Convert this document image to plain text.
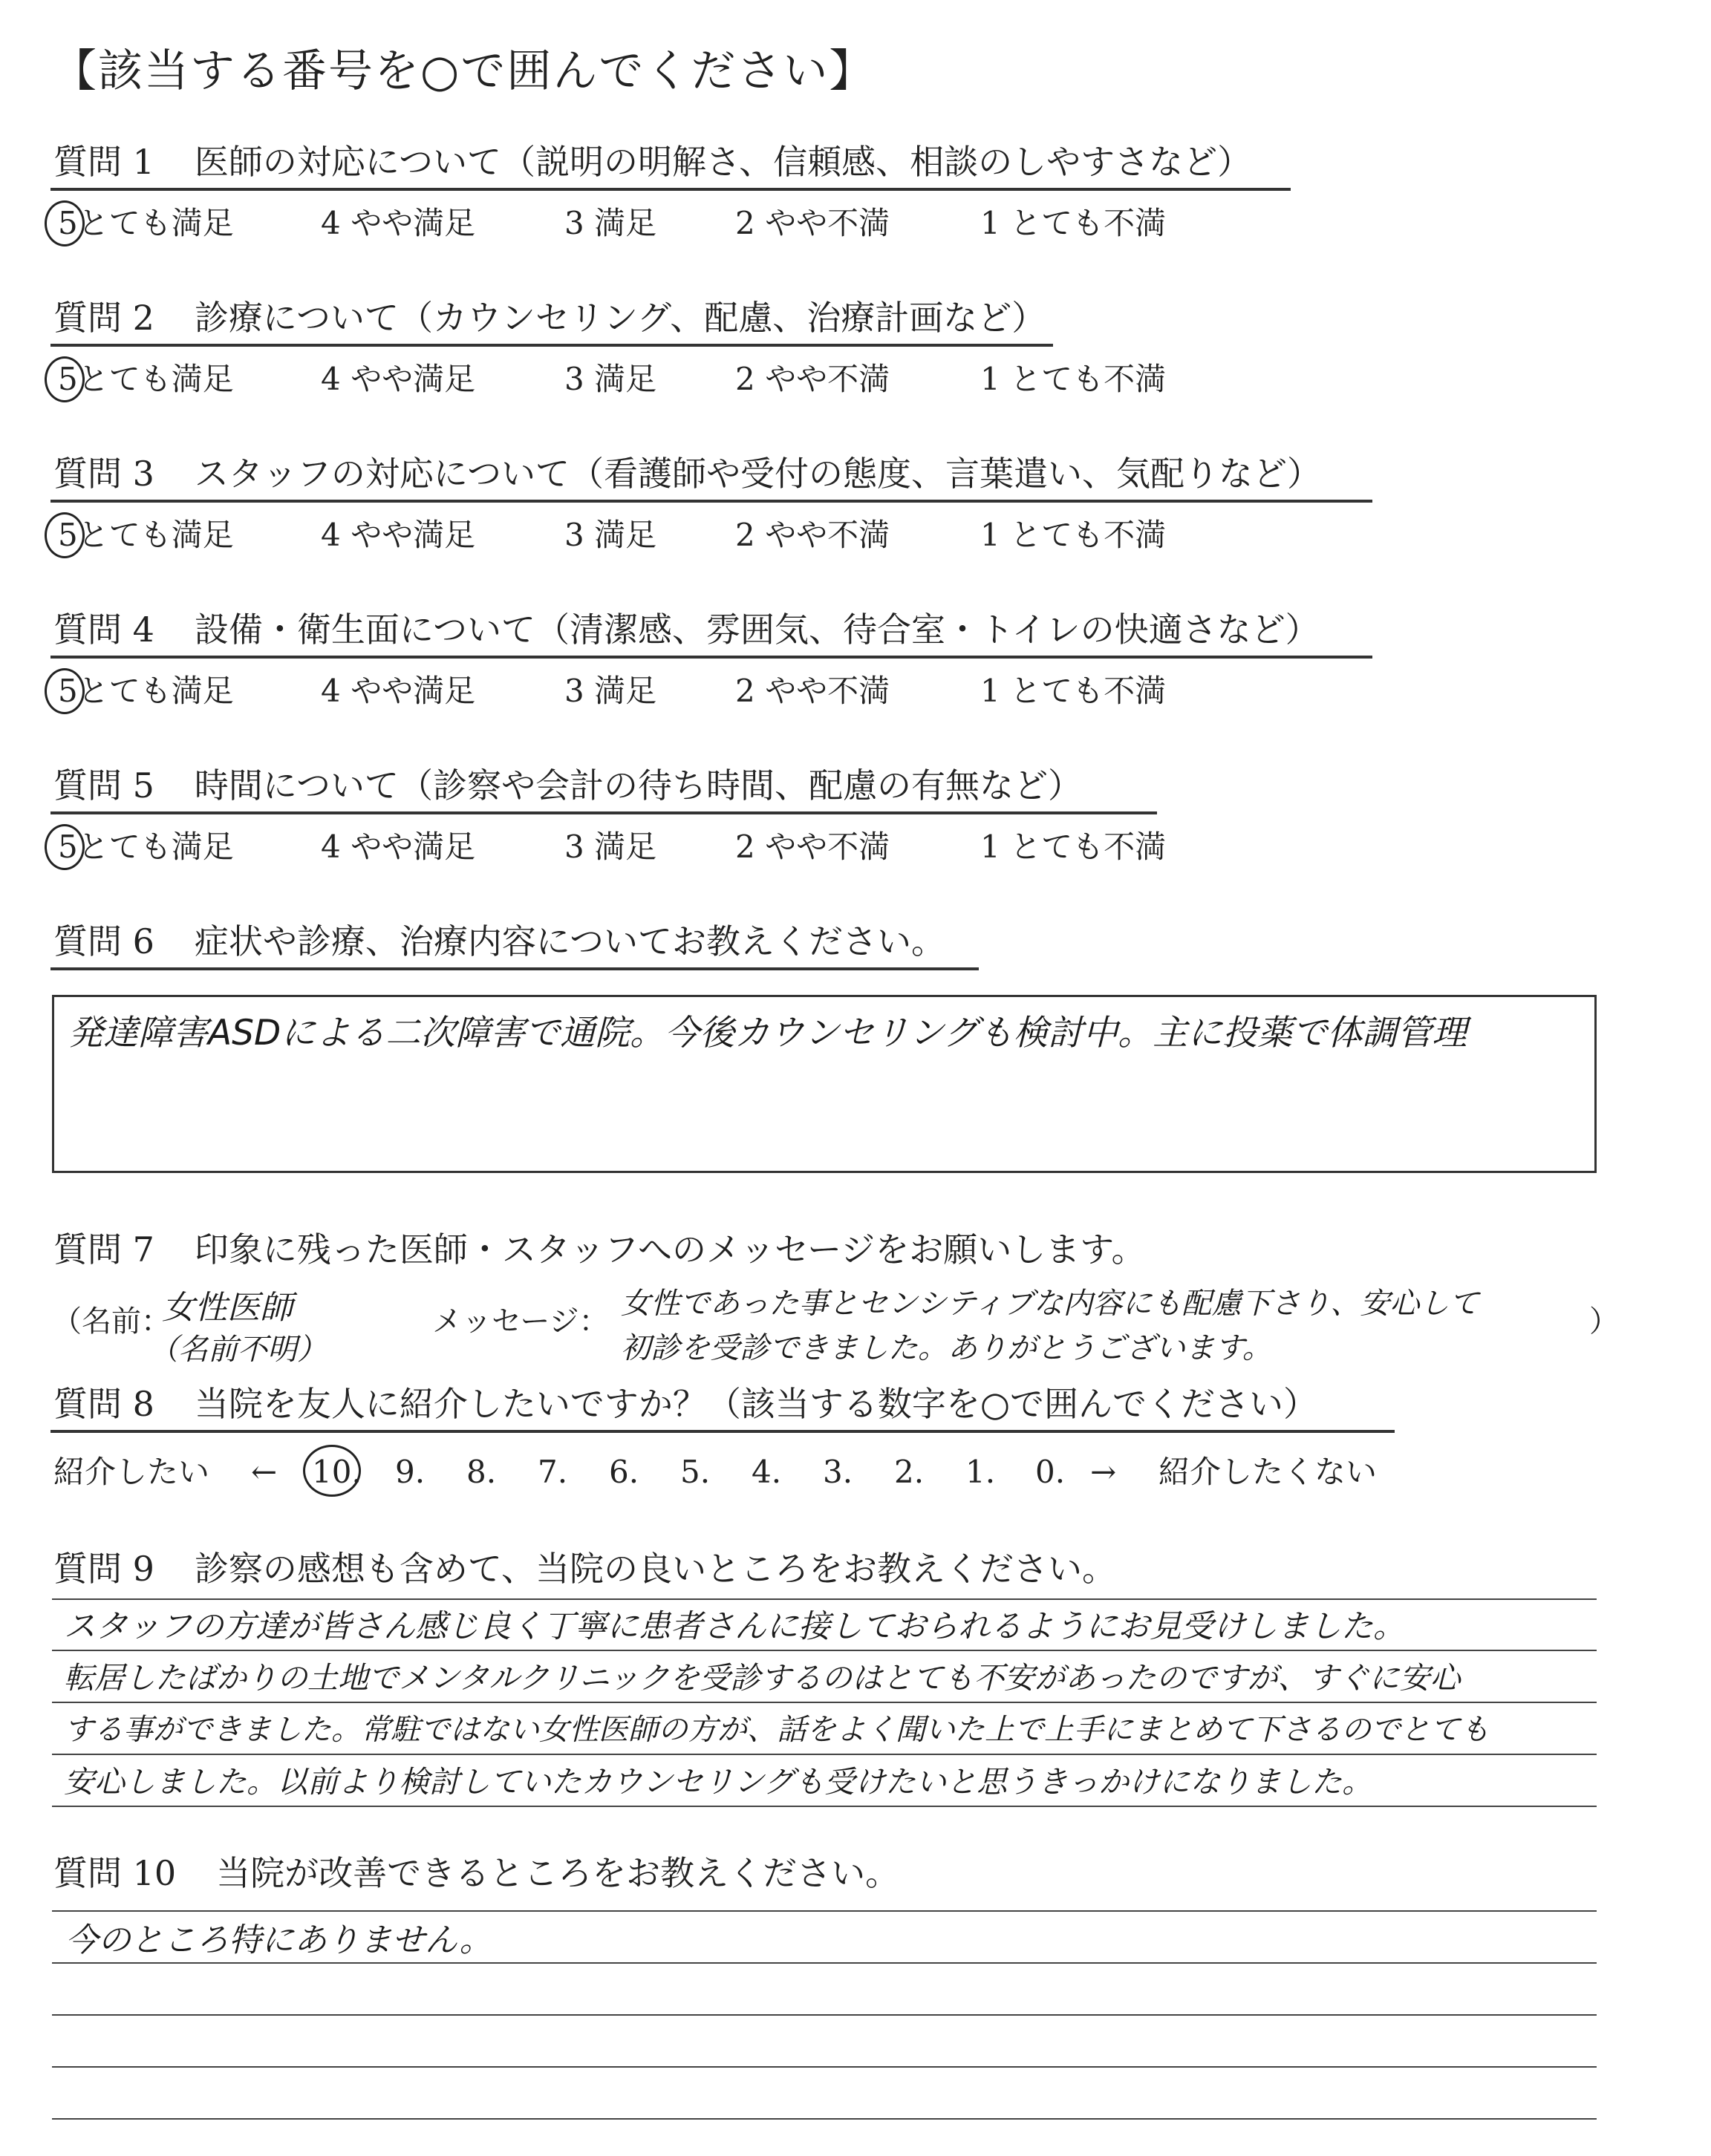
【該当する番号を○で囲んでください】
質問 1 医師の対応について（説明の明解さ、信頼感、相談のしやすさなど）
5とても満足	4 やや満足	3 満足	2 やや不満	1 とても不満
質問 2 診療について（カウンセリング、配慮、治療計画など）
5とても満足	4 やや満足	3 満足	2 やや不満	1 とても不満
質問 3 スタッフの対応について（看護師や受付の態度、言葉遣い、気配りなど）
5とても満足	4 やや満足	3 満足	2 やや不満	1 とても不満
質問 4 設備・衛生面について（清潔感、雰囲気、待合室・トイレの快適さなど）
5とても満足	4 やや満足	3 満足	2 やや不満	1 とても不満
質問 5 時間について（診察や会計の待ち時間、配慮の有無など）
5とても満足	4 やや満足	3 満足	2 やや不満	1 とても不満
質問 6 症状や診療、治療内容についてお教えください。
発達障害ASDによる二次障害で通院。今後カウンセリングも検討中。主に投薬で体調管理
質問 7 印象に残った医師・スタッフへのメッセージをお願いします。
（名前：
女性医師
（名前不明）
メッセージ：
女性であった事とセンシティブな内容にも配慮下さり、安心して
初診を受診できました。ありがとうございます。
）
質問 8 当院を友人に紹介したいですか？（該当する数字を○で囲んでください）
紹介したい ← 10. 9. 8. 7. 6. 5. 4. 3. 2. 1. 0. → 紹介したくない
質問 9 診察の感想も含めて、当院の良いところをお教えください。
スタッフの方達が皆さん感じ良く丁寧に患者さんに接しておられるようにお見受けしました。
転居したばかりの土地でメンタルクリニックを受診するのはとても不安があったのですが、すぐに安心
する事ができました。常駐ではない女性医師の方が、話をよく聞いた上で上手にまとめて下さるのでとても
安心しました。以前より検討していたカウンセリングも受けたいと思うきっかけになりました。
質問 10 当院が改善できるところをお教えください。
今のところ特にありません。
